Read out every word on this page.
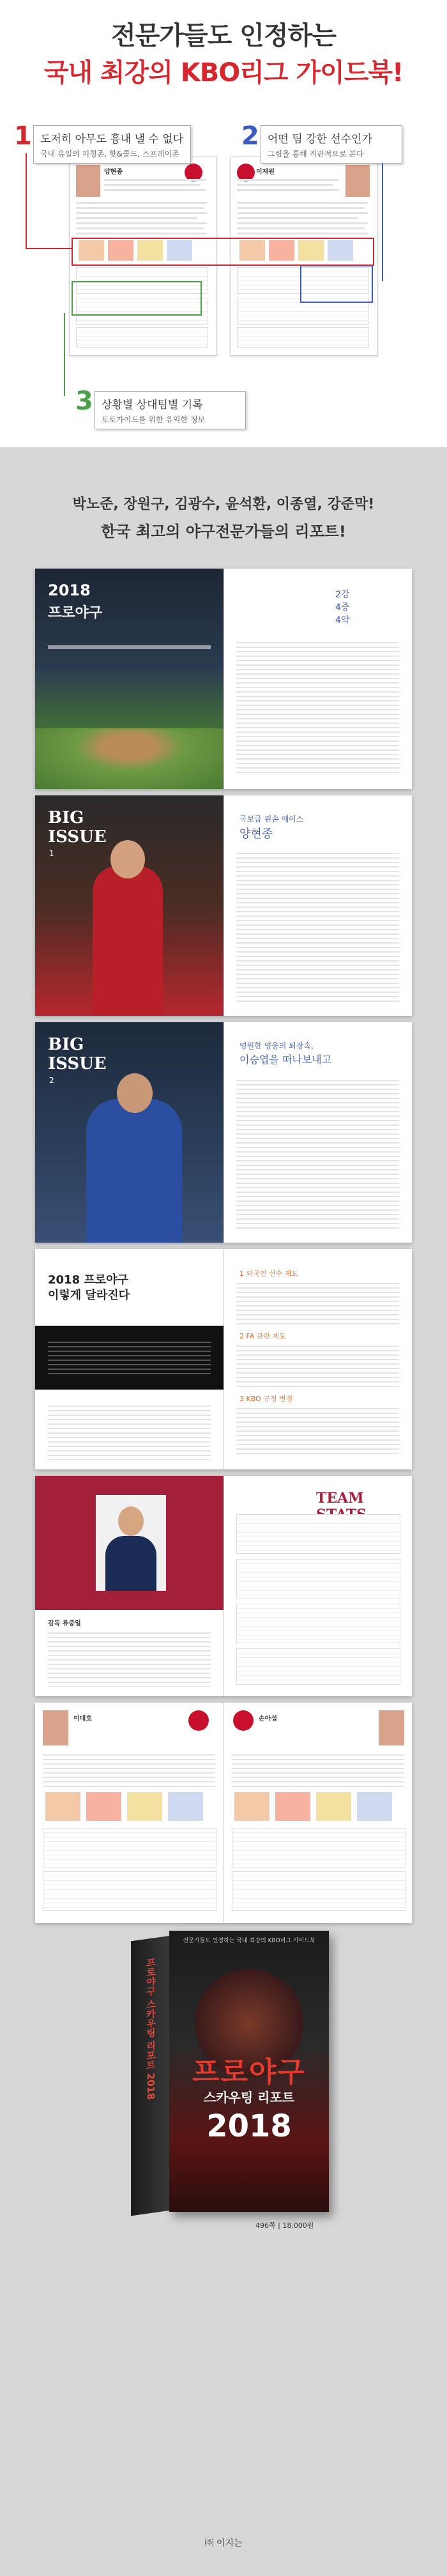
전문가들도 인정하는
국내 최강의 KBO리그 가이드북!
양현종	이재원
1 도저히 아무도 흉내 낼 수 없다
국내 유일의 피칭존, 핫&콜드, 스프레이존
2 어떤 팀 강한 선수인가
그림을 통해 직관적으로 본다
3 상황별 상대팀별 기록
토토가이드를 위한 유익한 정보
박노준, 장원구, 김광수, 윤석환, 이종열, 강준막!
한국 최고의 야구전문가들의 리포트!
2018
프로야구
2강
4중
4약
BIG
ISSUE
1
국보급 왼손 에이스
양현종
BIG
ISSUE
2
영원한 영웅의 퇴장속,
이승엽을 떠나보내고
2018 프로야구
이렇게 달라진다
1 외국인 선수 제도
2 FA 관련 제도
3 KBO 규정 변경
감독 류중일
TEAM
이대호	손아섭
프로야구 스카우팅 리포트 2018
전문가들도 인정하는 국내 최강의 KBO리그 가이드북
프로야구
스카우팅 리포트
2018
496쪽 | 18,000원
㈜ 이지는
